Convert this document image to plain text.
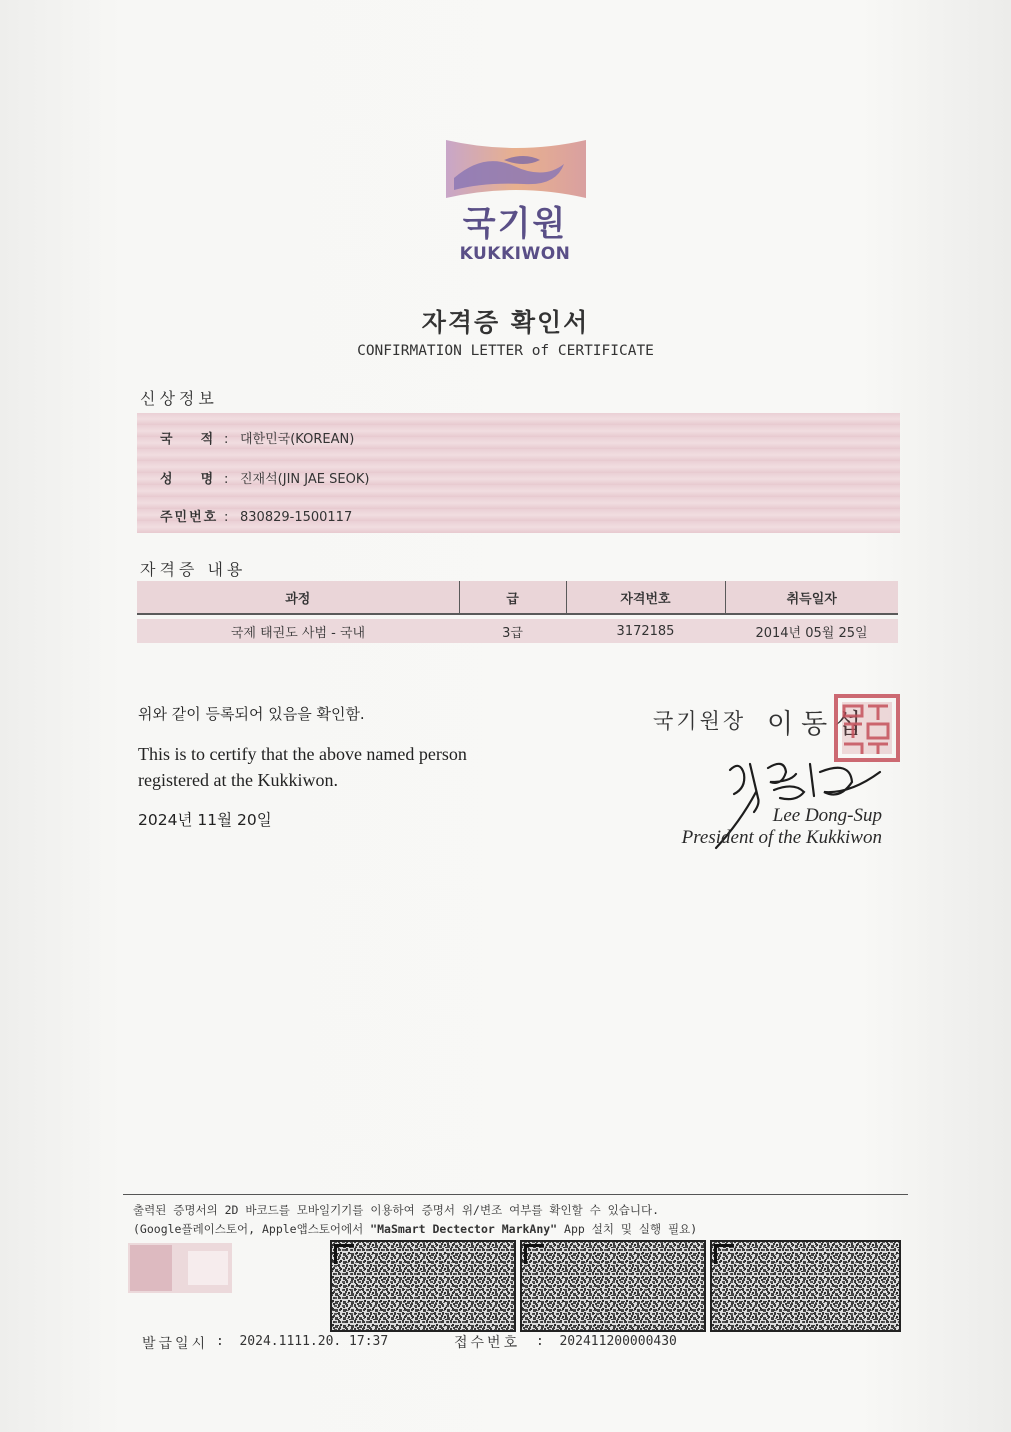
국기원
KUKKIWON
자격증 확인서
CONFIRMATION LETTER of CERTIFICATE
신상정보
국    적 : 대한민국(KOREAN)
성    명 : 진재석(JIN JAE SEOK)
주민번호 : 830829-1500117
자격증 내용
과정	급	자격번호	취득일자

국제 태권도 사범 - 국내	3급	3172185	2014년 05월 25일
위와 같이 등록되어 있음을 확인함.
This is to certify that the above named person
registered at the Kukkiwon.
2024년 11월 20일
국기원장 이동섭
Lee Dong-Sup
President of the Kukkiwon
출력된 증명서의 2D 바코드를 모바일기기를 이용하여 증명서 위/변조 여부를 확인할 수 있습니다.
(Google플레이스토어, Apple앱스토어에서 "MaSmart Dectector MarkAny" App 설치 및 실행 필요)
발급일시 :  2024.1111.20. 17:37	접수번호 :  202411200000430
